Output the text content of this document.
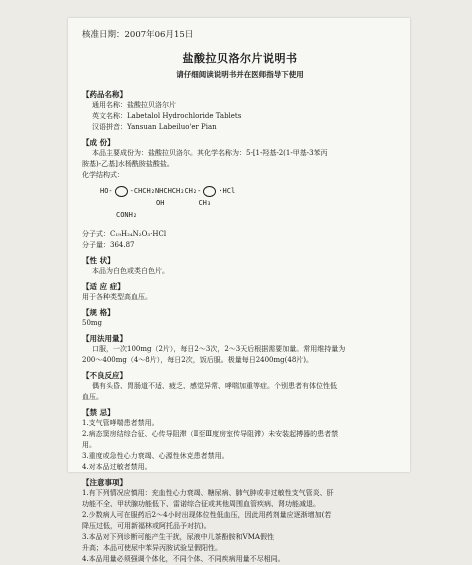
核准日期：2007年06月15日
盐酸拉贝洛尔片说明书
请仔细阅读说明书并在医师指导下使用
【药品名称】
通用名称：盐酸拉贝洛尔片
英文名称：Labetalol Hydrochloride Tablets
汉语拼音：Yansuan Labeiluo'er Pian
【成 份】
本品主要成份为：盐酸拉贝洛尔。其化学名称为：5-[1-羟基-2(1-甲基-3苯丙
胺基)-乙基]水杨酰胺盐酸盐。
化学结构式：
HO- -CHCH₂NHCHCH₂CH₂- ·HCl
OH	CH₃
CONH₂
分子式：C₁₉H₂₄N₂O₃·HCl
分子量：364.87
【性 状】
本品为白色或类白色片。
【适 应 症】
用于各种类型高血压。
【规 格】
50mg
【用法用量】
口服，一次100mg（2片），每日2～3次，2～3天后根据需要加量。常用维持量为
200～400mg（4～8片），每日2次，饭后服。极量每日2400mg(48片)。
【不良反应】
偶有头昏、胃肠道不适、疲乏、感觉异常、哮喘加重等症。个别患者有体位性低
血压。
【禁 忌】
1.支气管哮喘患者禁用。
2.病态窦房结综合征、心传导阻滞（Ⅱ至Ⅲ度房室传导阻滞）未安装起搏器的患者禁
用。
3.重度或急性心力衰竭、心源性休克患者禁用。
4.对本品过敏者禁用。
【注意事项】
1.有下列情况应慎用：充血性心力衰竭、糖尿病、肺气肿或非过敏性支气管炎、肝
功能不全、甲状腺功能低下、雷诺综合征或其他周围血管疾病、肾功能减退。
2.少数病人可在服药后2～4小时出现体位性低血压，因此用药剂量应逐渐增加(若
降压过低，可用新福林或阿托品予对抗)。
3.本品对下列诊断可能产生干扰，尿液中儿茶酚胺和VMA假性
升高；本品可使尿中苯异丙胺试验呈假阳性。
4.本品用量必须强调个体化，不同个体、不同疾病用量不尽相同。
